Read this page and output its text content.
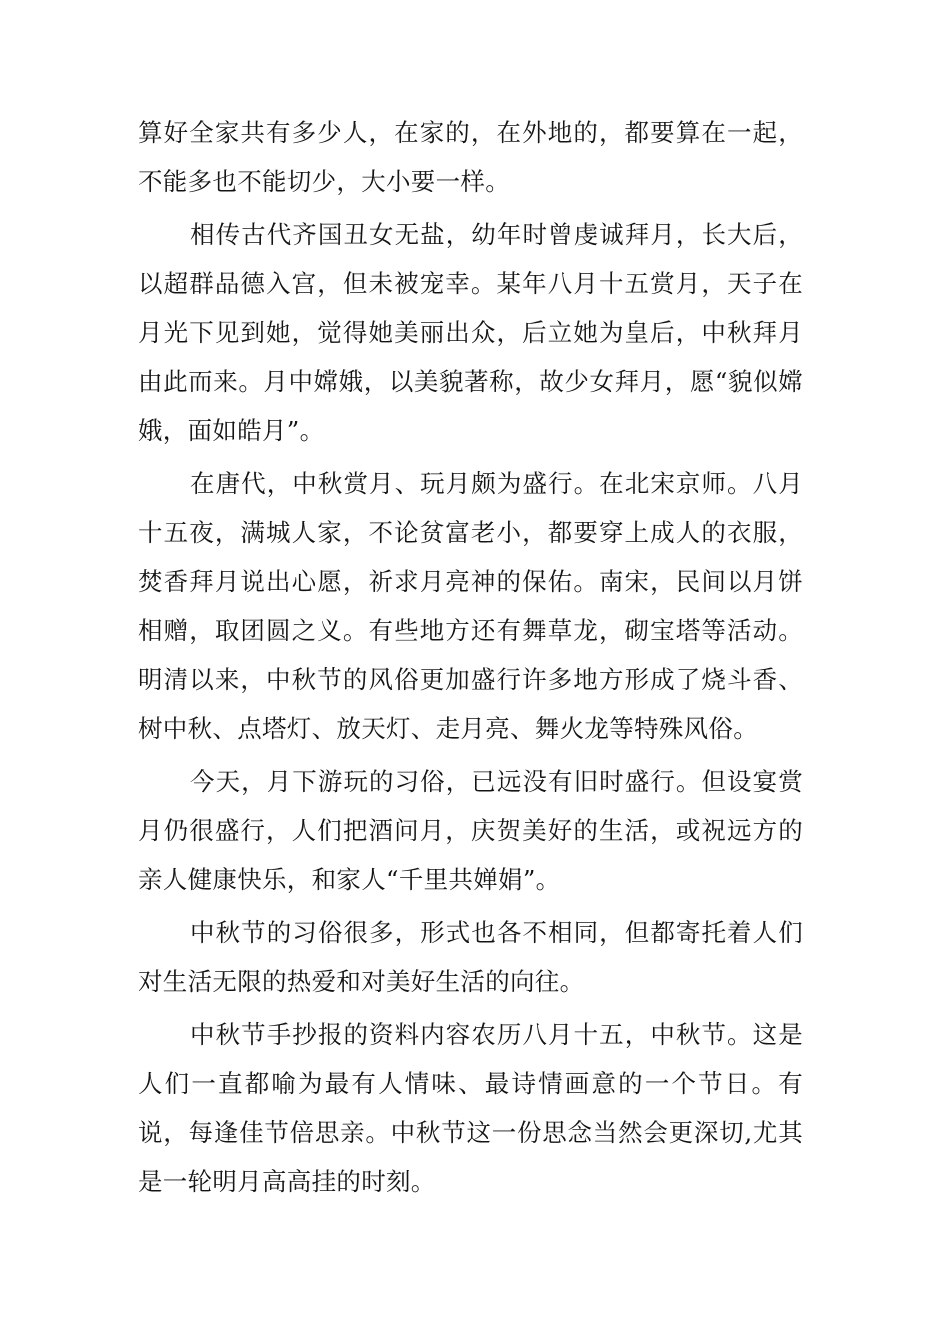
算好全家共有多少人，在家的，在外地的，都要算在一起，不能多也不能切少，大小要一样。

相传古代齐国丑女无盐，幼年时曾虔诚拜月，长大后，以超群品德入宫，但未被宠幸。某年八月十五赏月，天子在月光下见到她，觉得她美丽出众，后立她为皇后，中秋拜月由此而来。月中嫦娥，以美貌著称，故少女拜月，愿“貌似嫦娥，面如皓月”。

在唐代，中秋赏月、玩月颇为盛行。在北宋京师。八月十五夜，满城人家，不论贫富老小，都要穿上成人的衣服，焚香拜月说出心愿，祈求月亮神的保佑。南宋，民间以月饼相赠，取团圆之义。有些地方还有舞草龙，砌宝塔等活动。明清以来，中秋节的风俗更加盛行许多地方形成了烧斗香、树中秋、点塔灯、放天灯、走月亮、舞火龙等特殊风俗。

今天，月下游玩的习俗，已远没有旧时盛行。但设宴赏月仍很盛行，人们把酒问月，庆贺美好的生活，或祝远方的亲人健康快乐，和家人“千里共婵娟”。

中秋节的习俗很多，形式也各不相同，但都寄托着人们对生活无限的热爱和对美好生活的向往。

中秋节手抄报的资料内容农历八月十五，中秋节。这是人们一直都喻为最有人情味、最诗情画意的一个节日。有说，每逢佳节倍思亲。中秋节这一份思念当然会更深切,尤其是一轮明月高高挂的时刻。
